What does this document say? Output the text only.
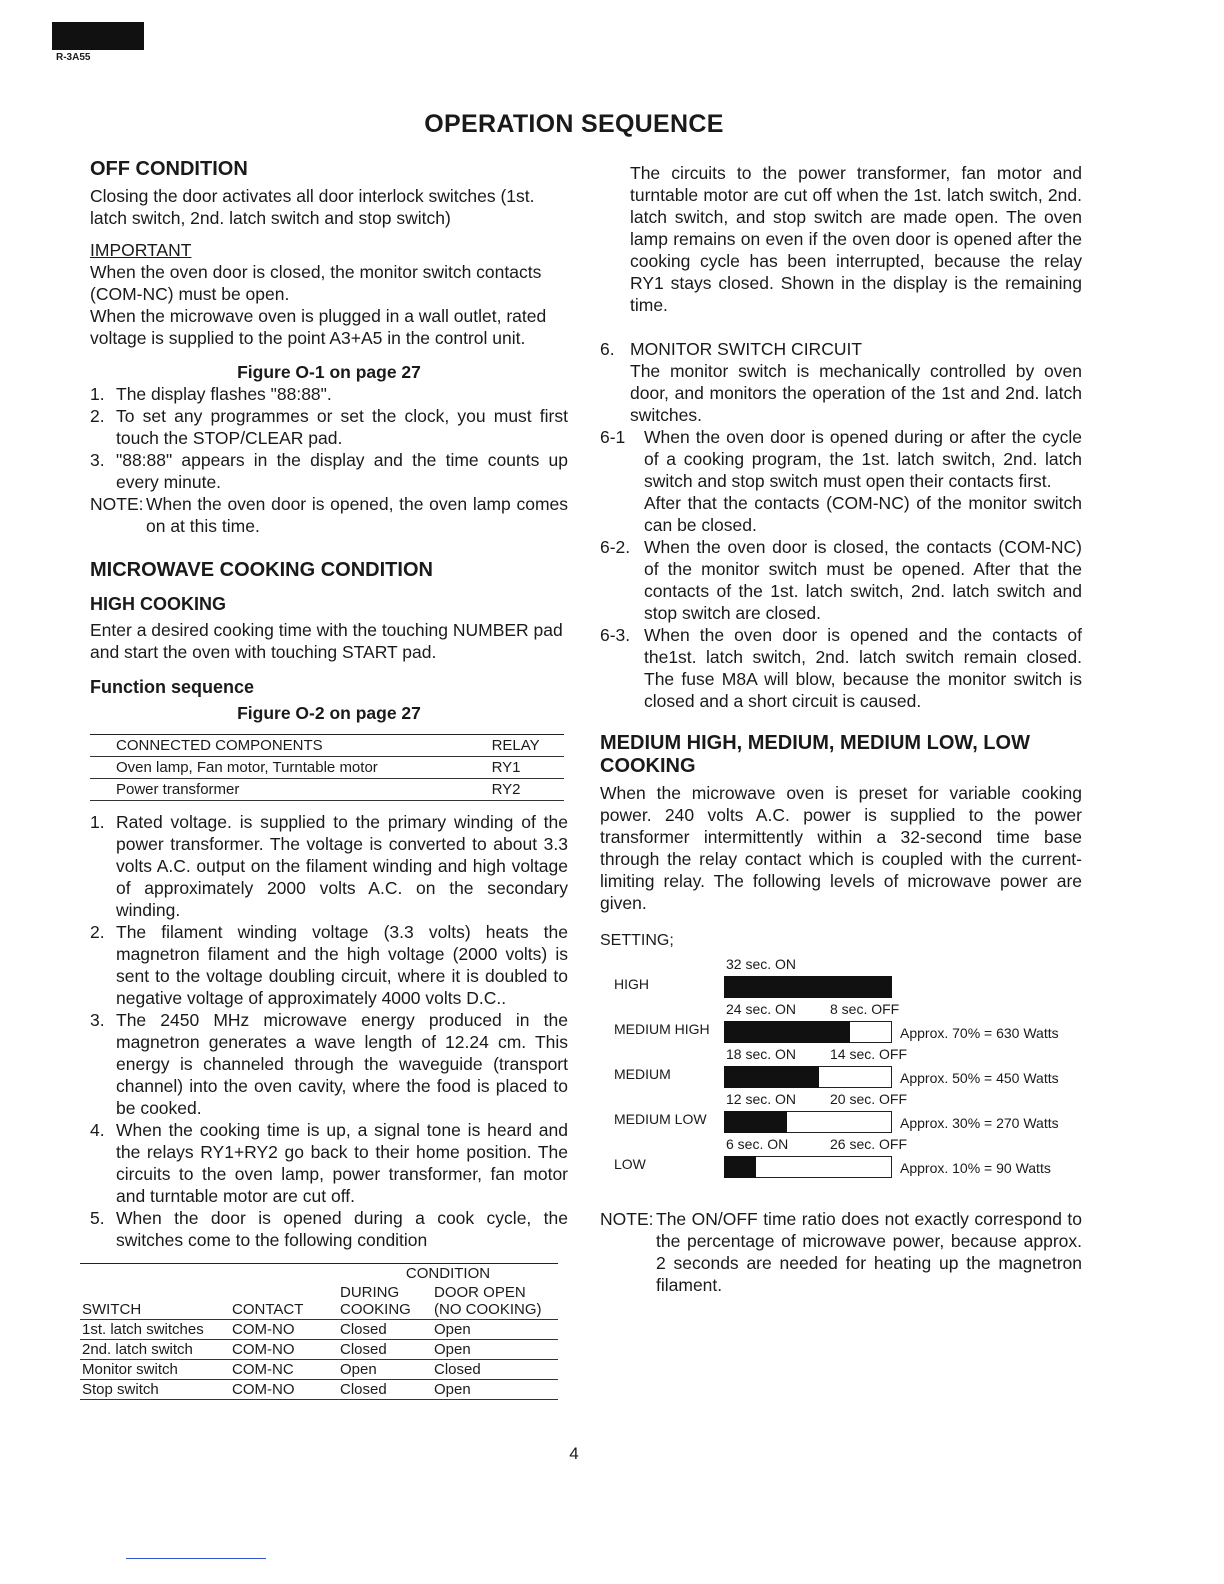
R-3A55
OPERATION SEQUENCE
OFF CONDITION

Closing the door activates all door interlock switches (1st. latch switch, 2nd. latch switch and stop switch)

IMPORTANT

When the oven door is closed, the monitor switch contacts (COM-NC) must be open.

When the microwave oven is plugged in a wall outlet, rated voltage is supplied to the point A3+A5 in the control unit.

Figure O-1 on page 27
1. The display flashes "88:88".
2. To set any programmes or set the clock, you must first touch the STOP/CLEAR pad.
3. "88:88" appears in the display and the time counts up every minute.
NOTE: When the oven door is opened, the oven lamp comes on at this time.
MICROWAVE COOKING CONDITION
HIGH COOKING

Enter a desired cooking time with the touching NUMBER pad

and start the oven with touching START pad.

Function sequence
Figure O-2 on page 27
CONNECTED COMPONENTS	RELAY
Oven lamp, Fan motor, Turntable motor	RY1
Power transformer	RY2
1. Rated voltage. is supplied to the primary winding of the power transformer. The voltage is converted to about 3.3 volts A.C. output on the filament winding and high voltage of approximately 2000 volts A.C. on the secondary winding.
2. The filament winding voltage (3.3 volts) heats the magnetron filament and the high voltage (2000 volts) is sent to the voltage doubling circuit, where it is doubled to negative voltage of approximately 4000 volts D.C..
3. The 2450 MHz microwave energy produced in the magnetron generates a wave length of 12.24 cm. This energy is channeled through the waveguide (transport channel) into the oven cavity, where the food is placed to be cooked.
4. When the cooking time is up, a signal tone is heard and the relays RY1+RY2 go back to their home position. The circuits to the oven lamp, power transformer, fan motor and turntable motor are cut off.
5. When the door is opened during a cook cycle, the switches come to the following condition
		CONDITION	
SWITCH	CONTACT	DURING COOKING	DOOR OPEN (NO COOKING)
1st. latch switches	COM-NO	Closed	Open
2nd. latch switch	COM-NO	Closed	Open
Monitor switch	COM-NC	Open	Closed
Stop switch	COM-NO	Closed	Open

The circuits to the power transformer, fan motor and turntable motor are cut off when the 1st. latch switch, 2nd. latch switch, and stop switch are made open. The oven lamp remains on even if the oven door is opened after the cooking cycle has been interrupted, because the relay RY1 stays closed. Shown in the display is the remaining time.

6. MONITOR SWITCH CIRCUIT

The monitor switch is mechanically controlled by oven door, and monitors the operation of the 1st and 2nd. latch switches.

6-1	When the oven door is opened during or after the cycle of a cooking program, the 1st. latch switch, 2nd. latch switch and stop switch must open their contacts first.
After that the contacts (COM-NC) of the monitor switch can be closed.
6-2. When the oven door is closed, the contacts (COM-NC) of the monitor switch must be opened. After that the contacts of the 1st. latch switch, 2nd. latch switch and stop switch are closed.
6-3. When the oven door is opened and the contacts of the1st. latch switch, 2nd. latch switch remain closed. The fuse M8A will blow, because the monitor switch is closed and a short circuit is caused.
MEDIUM HIGH, MEDIUM, MEDIUM LOW, LOW COOKING

When the microwave oven is preset for variable cooking power. 240 volts A.C. power is supplied to the power transformer intermittently within a 32-second time base through the relay contact which is coupled with the current-limiting relay. The following levels of microwave power are given.

SETTING;

32 sec. ON
HIGH
24 sec. ON 8 sec. OFF
MEDIUM HIGH	Approx. 70% = 630 Watts
18 sec. ON 14 sec. OFF
MEDIUM	Approx. 50% = 450 Watts
12 sec. ON 20 sec. OFF
MEDIUM LOW	Approx. 30% = 270 Watts
6 sec. ON	26 sec. OFF
LOW	Approx. 10% = 90 Watts
NOTE: The ON/OFF time ratio does not exactly correspond to the percentage of microwave power, because approx. 2 seconds are needed for heating up the magnetron filament.
4
